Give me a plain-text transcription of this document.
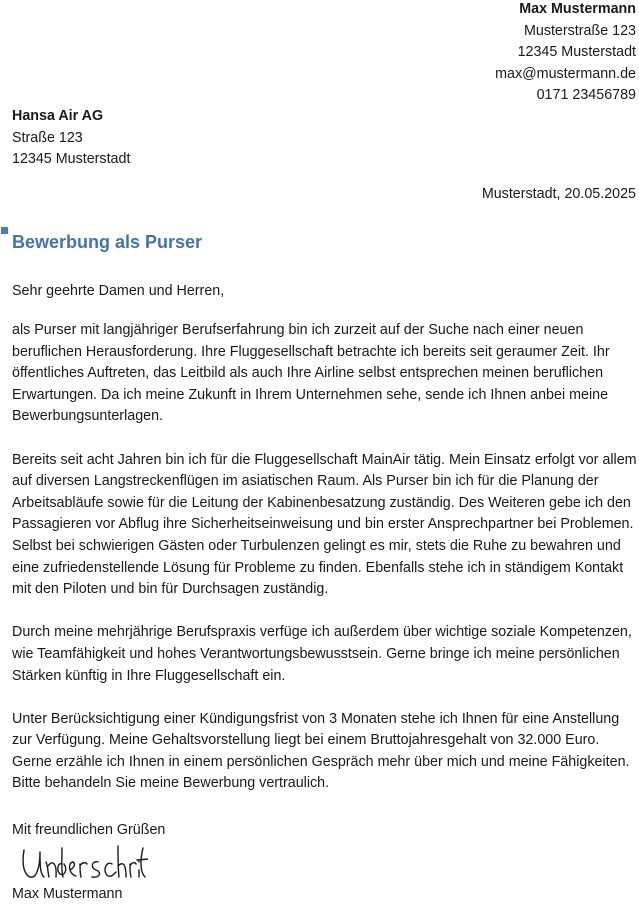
Max Mustermann
Musterstraße 123
12345 Musterstadt
max@mustermann.de
0171 23456789
Hansa Air AG
Straße 123
12345 Musterstadt
Musterstadt, 20.05.2025
Bewerbung als Purser
Sehr geehrte Damen und Herren,

als Purser mit langjähriger Berufserfahrung bin ich zurzeit auf der Suche nach einer neuen beruflichen Herausforderung. Ihre Fluggesellschaft betrachte ich bereits seit geraumer Zeit. Ihr öffentliches Auftreten, das Leitbild als auch Ihre Airline selbst entsprechen meinen beruflichen Erwartungen. Da ich meine Zukunft in Ihrem Unternehmen sehe, sende ich Ihnen anbei meine Bewerbungsunterlagen.

Bereits seit acht Jahren bin ich für die Fluggesellschaft MainAir tätig. Mein Einsatz erfolgt vor allem auf diversen Langstreckenflügen im asiatischen Raum. Als Purser bin ich für die Planung der Arbeitsabläufe sowie für die Leitung der Kabinenbesatzung zuständig. Des Weiteren gebe ich den Passagieren vor Abflug ihre Sicherheitseinweisung und bin erster Ansprechpartner bei Problemen. Selbst bei schwierigen Gästen oder Turbulenzen gelingt es mir, stets die Ruhe zu bewahren und eine zufriedenstellende Lösung für Probleme zu finden. Ebenfalls stehe ich in ständigem Kontakt mit den Piloten und bin für Durchsagen zuständig.

Durch meine mehrjährige Berufspraxis verfüge ich außerdem über wichtige soziale Kompetenzen, wie Teamfähigkeit und hohes Verantwortungsbewusstsein. Gerne bringe ich meine persönlichen Stärken künftig in Ihre Fluggesellschaft ein.

Unter Berücksichtigung einer Kündigungsfrist von 3 Monaten stehe ich Ihnen für eine Anstellung zur Verfügung. Meine Gehaltsvorstellung liegt bei einem Bruttojahresgehalt von 32.000 Euro. Gerne erzähle ich Ihnen in einem persönlichen Gespräch mehr über mich und meine Fähigkeiten. Bitte behandeln Sie meine Bewerbung vertraulich.

Mit freundlichen Grüßen
Max Mustermann
